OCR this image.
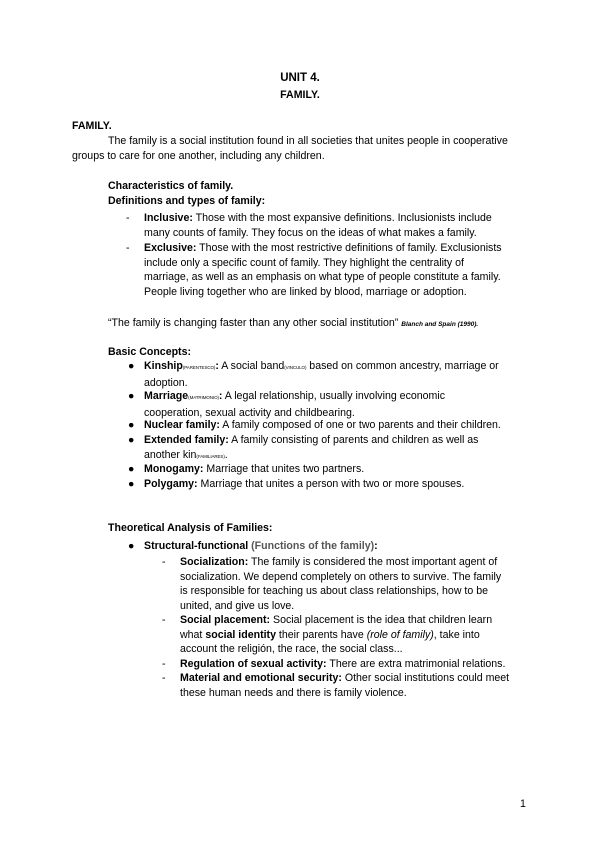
UNIT 4.
FAMILY.
FAMILY.
The family is a social institution found in all societies that unites people in cooperative
groups to care for one another, including any children.
Characteristics of family.
Definitions and types of family:
- Inclusive: Those with the most expansive definitions. Inclusionists include
many counts of family. They focus on the ideas of what makes a family.
- Exclusive: Those with the most restrictive definitions of family. Exclusionists
include only a specific count of family. They highlight the centrality of
marriage, as well as an emphasis on what type of people constitute a family.
People living together who are linked by blood, marriage or adoption.
“The family is changing faster than any other social institution” Blanch and Spain (1990).
Basic Concepts:
● Kinship(PARENTESCO): A social band(VINCULO) based on common ancestry, marriage or
adoption.
● Marriage(MATRIMONIO): A legal relationship, usually involving economic
cooperation, sexual activity and childbearing.
● Nuclear family: A family composed of one or two parents and their children.
● Extended family: A family consisting of parents and children as well as
another kin(FAMILIARES).
● Monogamy: Marriage that unites two partners.
● Polygamy: Marriage that unites a person with two or more spouses.
Theoretical Analysis of Families:
● Structural-functional (Functions of the family):
- Socialization: The family is considered the most important agent of
socialization. We depend completely on others to survive. The family
is responsible for teaching us about class relationships, how to be
united, and give us love.
- Social placement: Social placement is the idea that children learn
what social identity their parents have (role of family), take into
account the religión, the race, the social class...
- Regulation of sexual activity: There are extra matrimonial relations.
- Material and emotional security: Other social institutions could meet
these human needs and there is family violence.
1
